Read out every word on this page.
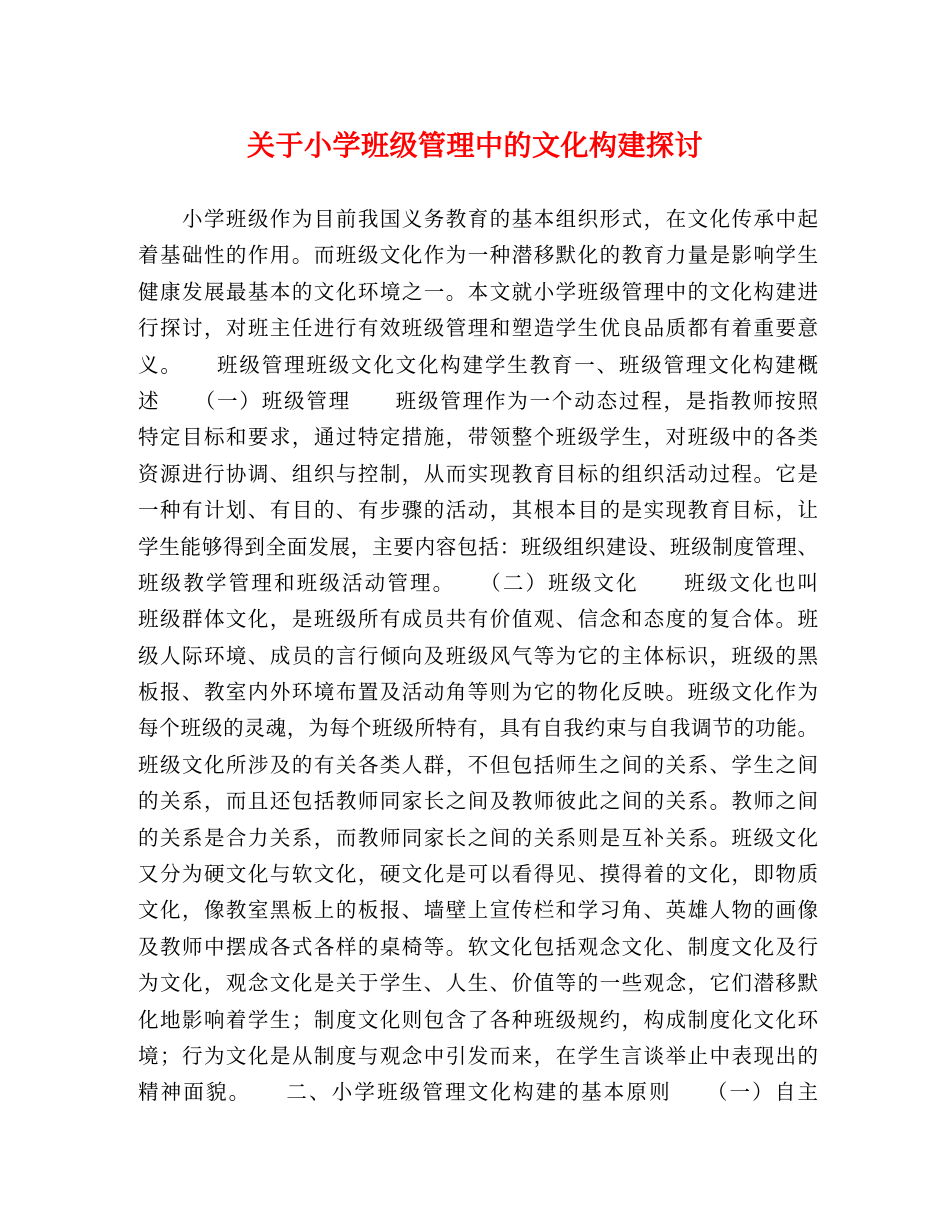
关于小学班级管理中的文化构建探讨
　　小学班级作为目前我国义务教育的基本组织形式，在文化传承中起
着基础性的作用。而班级文化作为一种潜移默化的教育力量是影响学生
健康发展最基本的文化环境之一。本文就小学班级管理中的文化构建进
行探讨，对班主任进行有效班级管理和塑造学生优良品质都有着重要意
义。　　班级管理班级文化文化构建学生教育一、班级管理文化构建概
述　　（一）班级管理　　班级管理作为一个动态过程，是指教师按照
特定目标和要求，通过特定措施，带领整个班级学生，对班级中的各类
资源进行协调、组织与控制，从而实现教育目标的组织活动过程。它是
一种有计划、有目的、有步骤的活动，其根本目的是实现教育目标，让
学生能够得到全面发展，主要内容包括：班级组织建设、班级制度管理、
班级教学管理和班级活动管理。　　（二）班级文化　　班级文化也叫
班级群体文化，是班级所有成员共有价值观、信念和态度的复合体。班
级人际环境、成员的言行倾向及班级风气等为它的主体标识，班级的黑
板报、教室内外环境布置及活动角等则为它的物化反映。班级文化作为
每个班级的灵魂，为每个班级所特有，具有自我约束与自我调节的功能。
班级文化所涉及的有关各类人群，不但包括师生之间的关系、学生之间
的关系，而且还包括教师同家长之间及教师彼此之间的关系。教师之间
的关系是合力关系，而教师同家长之间的关系则是互补关系。班级文化
又分为硬文化与软文化，硬文化是可以看得见、摸得着的文化，即物质
文化，像教室黑板上的板报、墙壁上宣传栏和学习角、英雄人物的画像
及教师中摆成各式各样的桌椅等。软文化包括观念文化、制度文化及行
为文化，观念文化是关于学生、人生、价值等的一些观念，它们潜移默
化地影响着学生；制度文化则包含了各种班级规约，构成制度化文化环
境；行为文化是从制度与观念中引发而来，在学生言谈举止中表现出的
精神面貌。　　二、小学班级管理文化构建的基本原则　　（一）自主
